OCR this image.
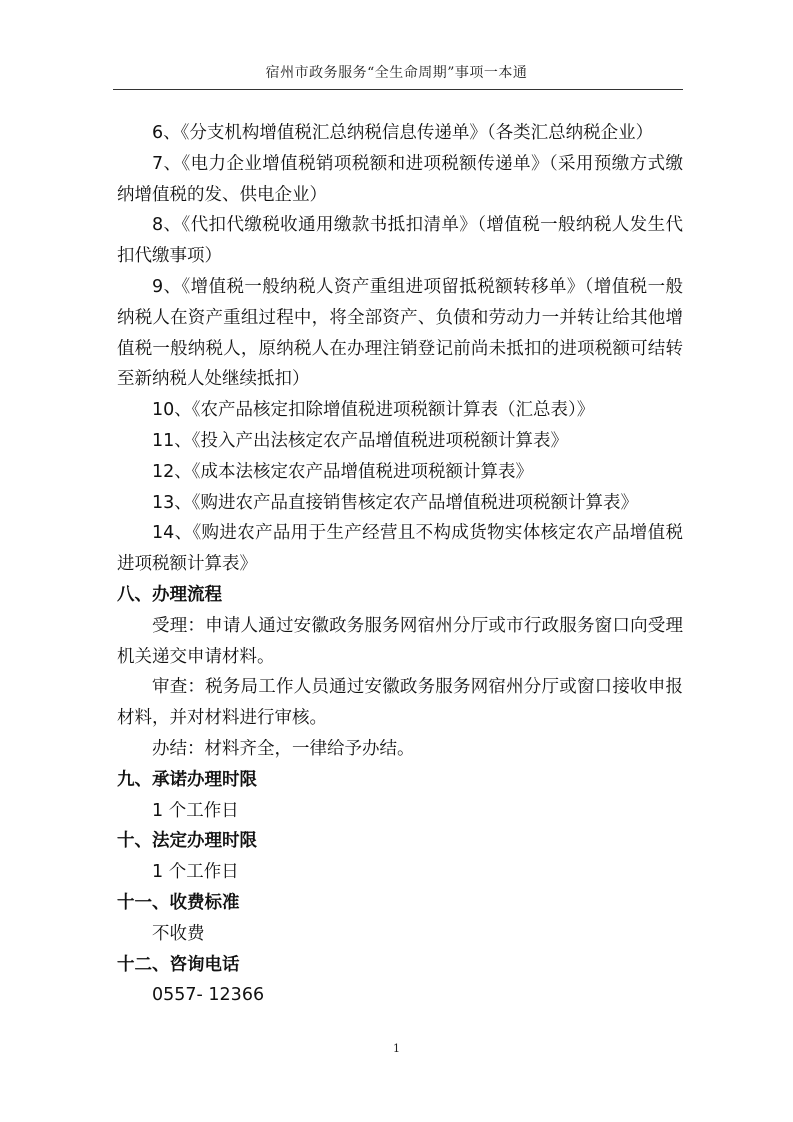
宿州市政务服务“全生命周期”事项一本通

6、《分支机构增值税汇总纳税信息传递单》（各类汇总纳税企业）

7、《电力企业增值税销项税额和进项税额传递单》（采用预缴方式缴纳增值税的发、供电企业）

8、《代扣代缴税收通用缴款书抵扣清单》（增值税一般纳税人发生代扣代缴事项）

9、《增值税一般纳税人资产重组进项留抵税额转移单》（增值税一般纳税人在资产重组过程中，将全部资产、负债和劳动力一并转让给其他增值税一般纳税人，原纳税人在办理注销登记前尚未抵扣的进项税额可结转至新纳税人处继续抵扣）

10、《农产品核定扣除增值税进项税额计算表（汇总表）》

11、《投入产出法核定农产品增值税进项税额计算表》

12、《成本法核定农产品增值税进项税额计算表》

13、《购进农产品直接销售核定农产品增值税进项税额计算表》

14、《购进农产品用于生产经营且不构成货物实体核定农产品增值税进项税额计算表》

八、办理流程

受理：申请人通过安徽政务服务网宿州分厅或市行政服务窗口向受理机关递交申请材料。

审查：税务局工作人员通过安徽政务服务网宿州分厅或窗口接收申报材料，并对材料进行审核。

办结：材料齐全，一律给予办结。

九、承诺办理时限

1 个工作日

十、法定办理时限

1 个工作日

十一、收费标准

不收费

十二、咨询电话

0557- 12366

1
